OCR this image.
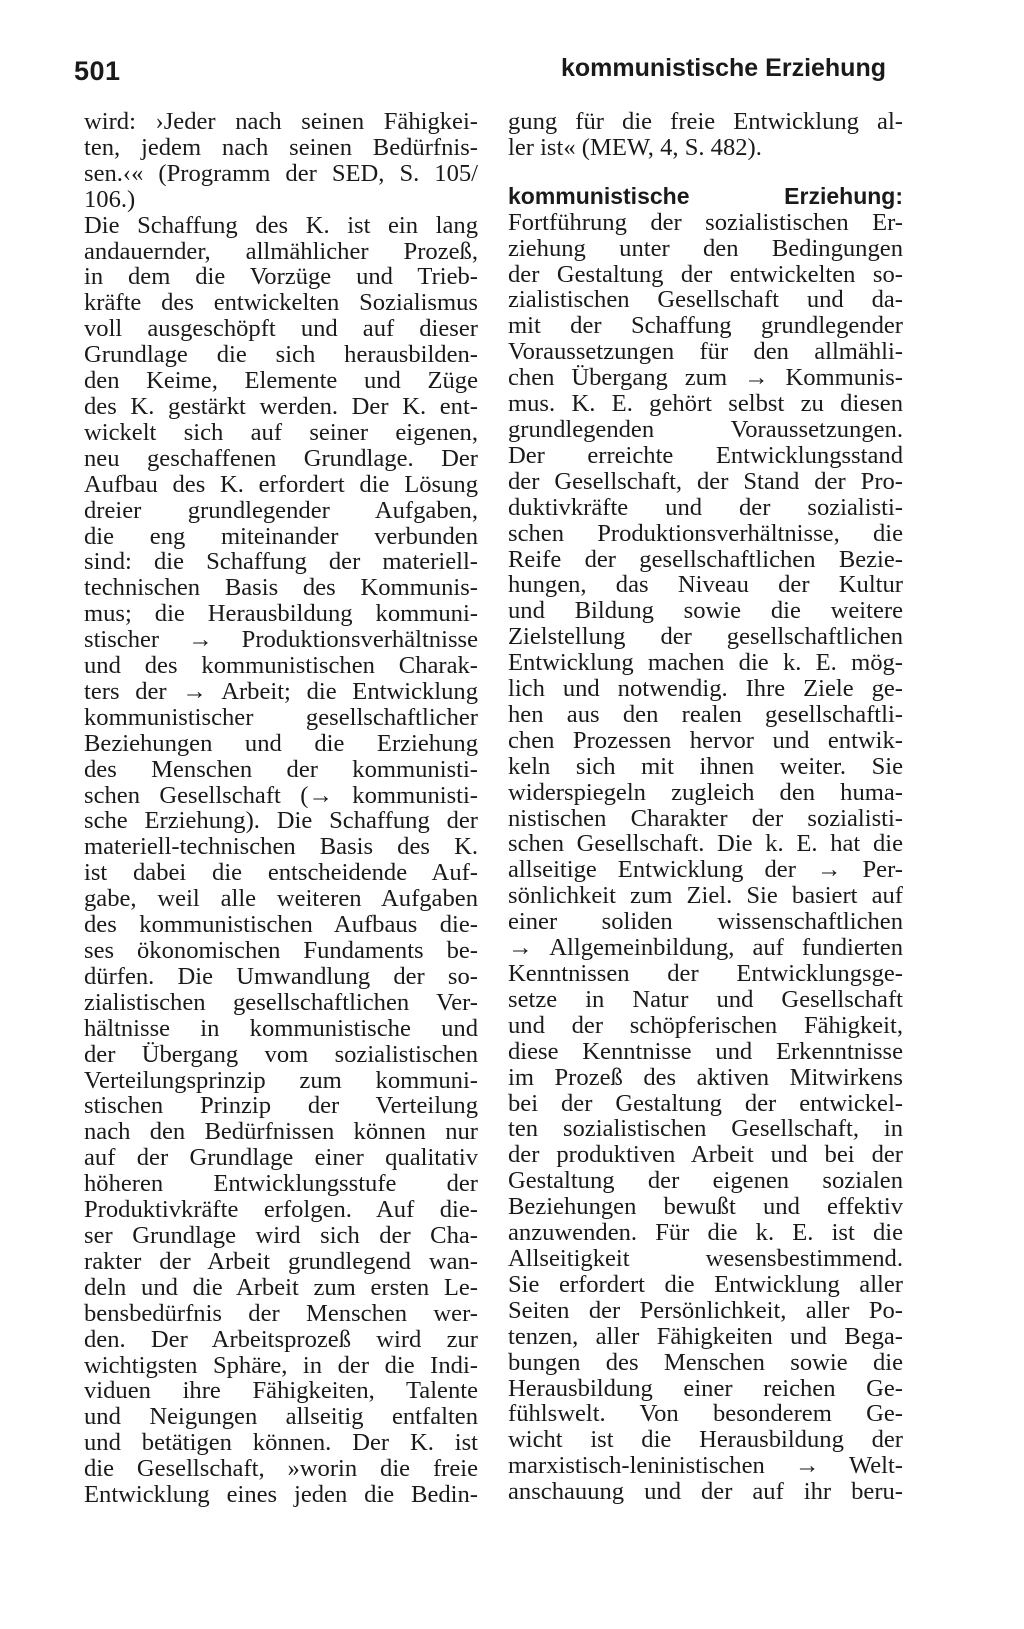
501	kommunistische Erziehung
wird: ›Jeder nach seinen Fähigkei-
ten, jedem nach seinen Bedürfnis-
sen.‹« (Programm der SED, S. 105/
106.)
Die Schaffung des K. ist ein lang
andauernder, allmählicher Prozeß,
in dem die Vorzüge und Trieb-
kräfte des entwickelten Sozialismus
voll ausgeschöpft und auf dieser
Grundlage die sich herausbilden-
den Keime, Elemente und Züge
des K. gestärkt werden. Der K. ent-
wickelt sich auf seiner eigenen,
neu geschaffenen Grundlage. Der
Aufbau des K. erfordert die Lösung
dreier grundlegender Aufgaben,
die eng miteinander verbunden
sind: die Schaffung der materiell-
technischen Basis des Kommunis-
mus; die Herausbildung kommuni-
stischer → Produktionsverhältnisse
und des kommunistischen Charak-
ters der → Arbeit; die Entwicklung
kommunistischer gesellschaftlicher
Beziehungen und die Erziehung
des Menschen der kommunisti-
schen Gesellschaft (→ kommunisti-
sche Erziehung). Die Schaffung der
materiell-technischen Basis des K.
ist dabei die entscheidende Auf-
gabe, weil alle weiteren Aufgaben
des kommunistischen Aufbaus die-
ses ökonomischen Fundaments be-
dürfen. Die Umwandlung der so-
zialistischen gesellschaftlichen Ver-
hältnisse in kommunistische und
der Übergang vom sozialistischen
Verteilungsprinzip zum kommuni-
stischen Prinzip der Verteilung
nach den Bedürfnissen können nur
auf der Grundlage einer qualitativ
höheren Entwicklungsstufe der
Produktivkräfte erfolgen. Auf die-
ser Grundlage wird sich der Cha-
rakter der Arbeit grundlegend wan-
deln und die Arbeit zum ersten Le-
bensbedürfnis der Menschen wer-
den. Der Arbeitsprozeß wird zur
wichtigsten Sphäre, in der die Indi-
viduen ihre Fähigkeiten, Talente
und Neigungen allseitig entfalten
und betätigen können. Der K. ist
die Gesellschaft, »worin die freie
Entwicklung eines jeden die Bedin-
gung für die freie Entwicklung al-
ler ist« (MEW, 4, S. 482).
kommunistische Erziehung:
Fortführung der sozialistischen Er-
ziehung unter den Bedingungen
der Gestaltung der entwickelten so-
zialistischen Gesellschaft und da-
mit der Schaffung grundlegender
Voraussetzungen für den allmähli-
chen Übergang zum → Kommunis-
mus. K. E. gehört selbst zu diesen
grundlegenden Voraussetzungen.
Der erreichte Entwicklungsstand
der Gesellschaft, der Stand der Pro-
duktivkräfte und der sozialisti-
schen Produktionsverhältnisse, die
Reife der gesellschaftlichen Bezie-
hungen, das Niveau der Kultur
und Bildung sowie die weitere
Zielstellung der gesellschaftlichen
Entwicklung machen die k. E. mög-
lich und notwendig. Ihre Ziele ge-
hen aus den realen gesellschaftli-
chen Prozessen hervor und entwik-
keln sich mit ihnen weiter. Sie
widerspiegeln zugleich den huma-
nistischen Charakter der sozialisti-
schen Gesellschaft. Die k. E. hat die
allseitige Entwicklung der → Per-
sönlichkeit zum Ziel. Sie basiert auf
einer soliden wissenschaftlichen
→ Allgemeinbildung, auf fundierten
Kenntnissen der Entwicklungsge-
setze in Natur und Gesellschaft
und der schöpferischen Fähigkeit,
diese Kenntnisse und Erkenntnisse
im Prozeß des aktiven Mitwirkens
bei der Gestaltung der entwickel-
ten sozialistischen Gesellschaft, in
der produktiven Arbeit und bei der
Gestaltung der eigenen sozialen
Beziehungen bewußt und effektiv
anzuwenden. Für die k. E. ist die
Allseitigkeit wesensbestimmend.
Sie erfordert die Entwicklung aller
Seiten der Persönlichkeit, aller Po-
tenzen, aller Fähigkeiten und Bega-
bungen des Menschen sowie die
Herausbildung einer reichen Ge-
fühlswelt. Von besonderem Ge-
wicht ist die Herausbildung der
marxistisch-leninistischen → Welt-
anschauung und der auf ihr beru-
